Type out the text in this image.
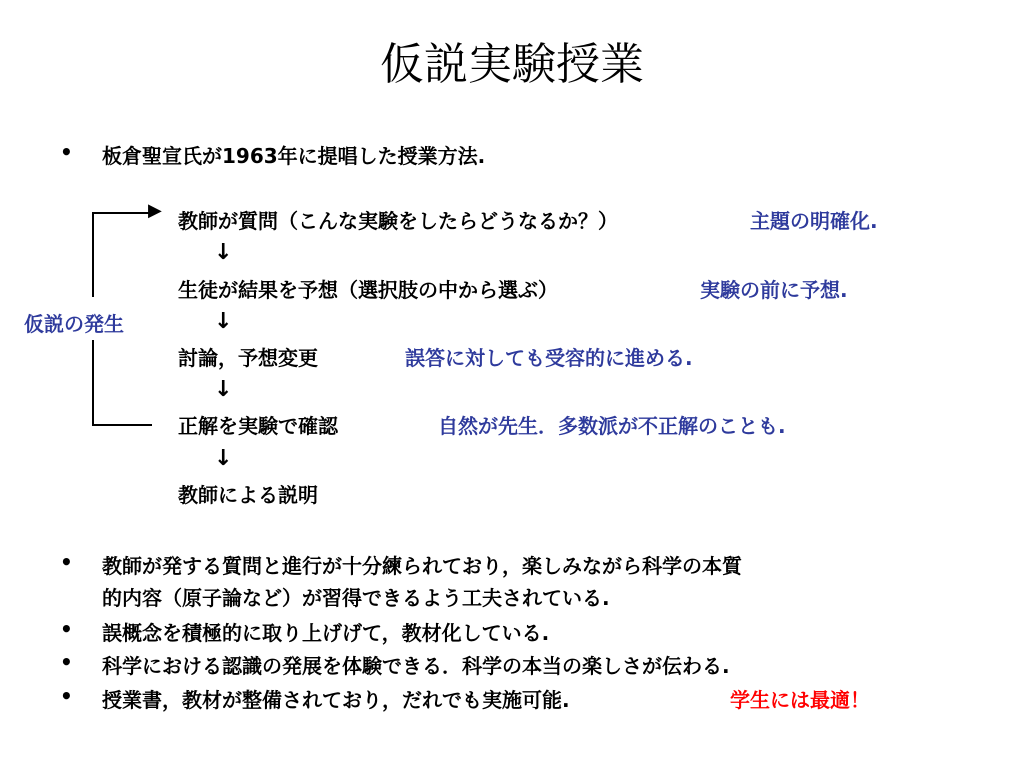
仮説実験授業
• 板倉聖宣氏が1963年に提唱した授業方法.
▶
仮説の発生
教師が質問（こんな実験をしたらどうなるか？）	主題の明確化.
↓
生徒が結果を予想（選択肢の中から選ぶ）	実験の前に予想.
↓
討論，予想変更	誤答に対しても受容的に進める.
↓
正解を実験で確認	自然が先生．多数派が不正解のことも.
↓
教師による説明
• 教師が発する質問と進行が十分練られており，楽しみながら科学の本質
的内容（原子論など）が習得できるよう工夫されている.
• 誤概念を積極的に取り上げげて，教材化している.
• 科学における認識の発展を体験できる．科学の本当の楽しさが伝わる.
• 授業書，教材が整備されており，だれでも実施可能.	学生には最適！
